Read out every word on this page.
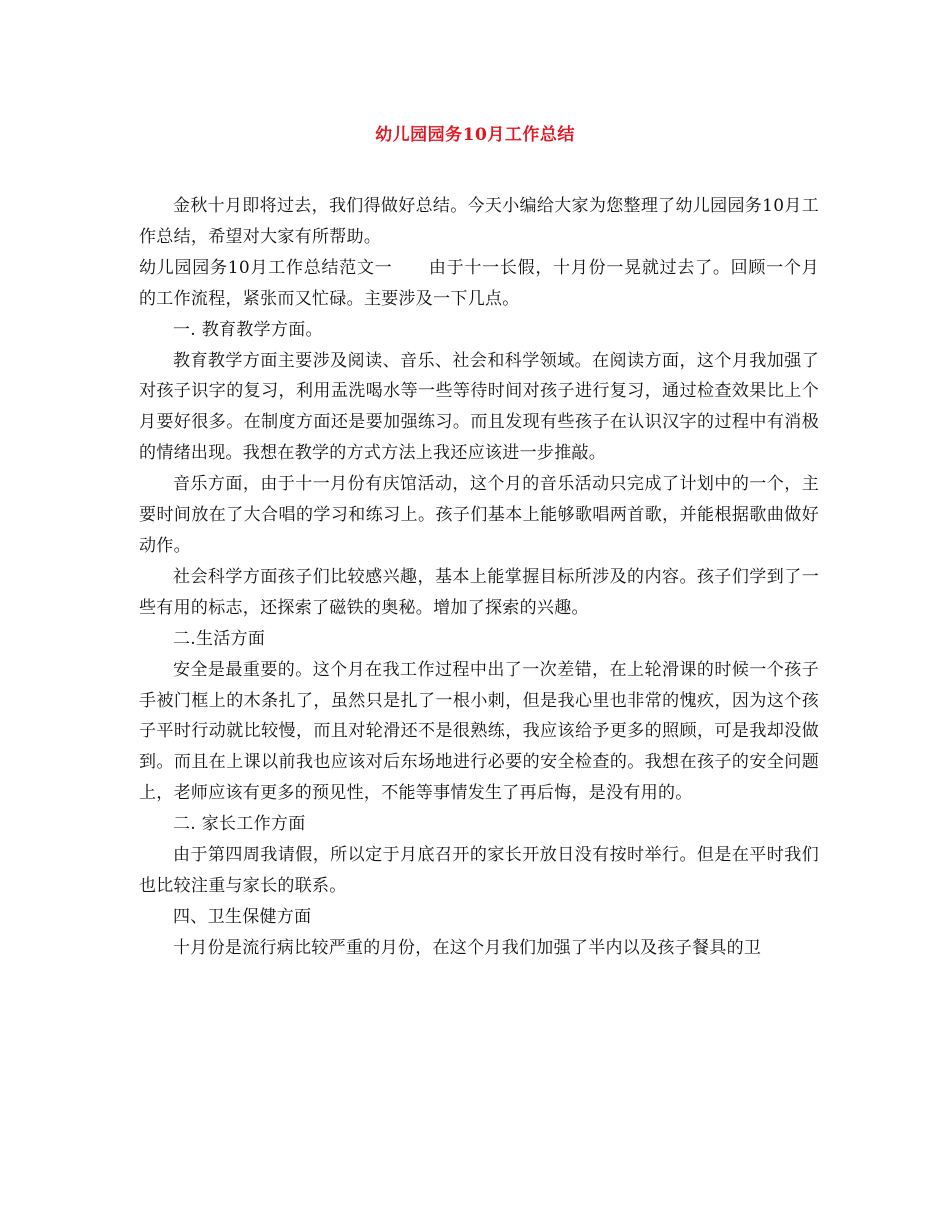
幼儿园园务10月工作总结

金秋十月即将过去，我们得做好总结。今天小编给大家为您整理了幼儿园园务10月工作总结，希望对大家有所帮助。

幼儿园园务10月工作总结范文一 由于十一长假，十月份一晃就过去了。回顾一个月的工作流程，紧张而又忙碌。主要涉及一下几点。

一. 教育教学方面。

教育教学方面主要涉及阅读、音乐、社会和科学领域。在阅读方面，这个月我加强了对孩子识字的复习，利用盂洗喝水等一些等待时间对孩子进行复习，通过检查效果比上个月要好很多。在制度方面还是要加强练习。而且发现有些孩子在认识汉字的过程中有消极的情绪出现。我想在教学的方式方法上我还应该进一步推敲。

音乐方面，由于十一月份有庆馆活动，这个月的音乐活动只完成了计划中的一个，主要时间放在了大合唱的学习和练习上。孩子们基本上能够歌唱两首歌，并能根据歌曲做好动作。

社会科学方面孩子们比较感兴趣，基本上能掌握目标所涉及的内容。孩子们学到了一些有用的标志，还探索了磁铁的奥秘。增加了探索的兴趣。

二.生活方面

安全是最重要的。这个月在我工作过程中出了一次差错，在上轮滑课的时候一个孩子手被门框上的木条扎了，虽然只是扎了一根小刺，但是我心里也非常的愧疚，因为这个孩子平时行动就比较慢，而且对轮滑还不是很熟练，我应该给予更多的照顾，可是我却没做到。而且在上课以前我也应该对后东场地进行必要的安全检查的。我想在孩子的安全问题上，老师应该有更多的预见性，不能等事情发生了再后悔，是没有用的。

二. 家长工作方面

由于第四周我请假，所以定于月底召开的家长开放日没有按时举行。但是在平时我们也比较注重与家长的联系。

四、卫生保健方面

十月份是流行病比较严重的月份，在这个月我们加强了半内以及孩子餐具的卫
